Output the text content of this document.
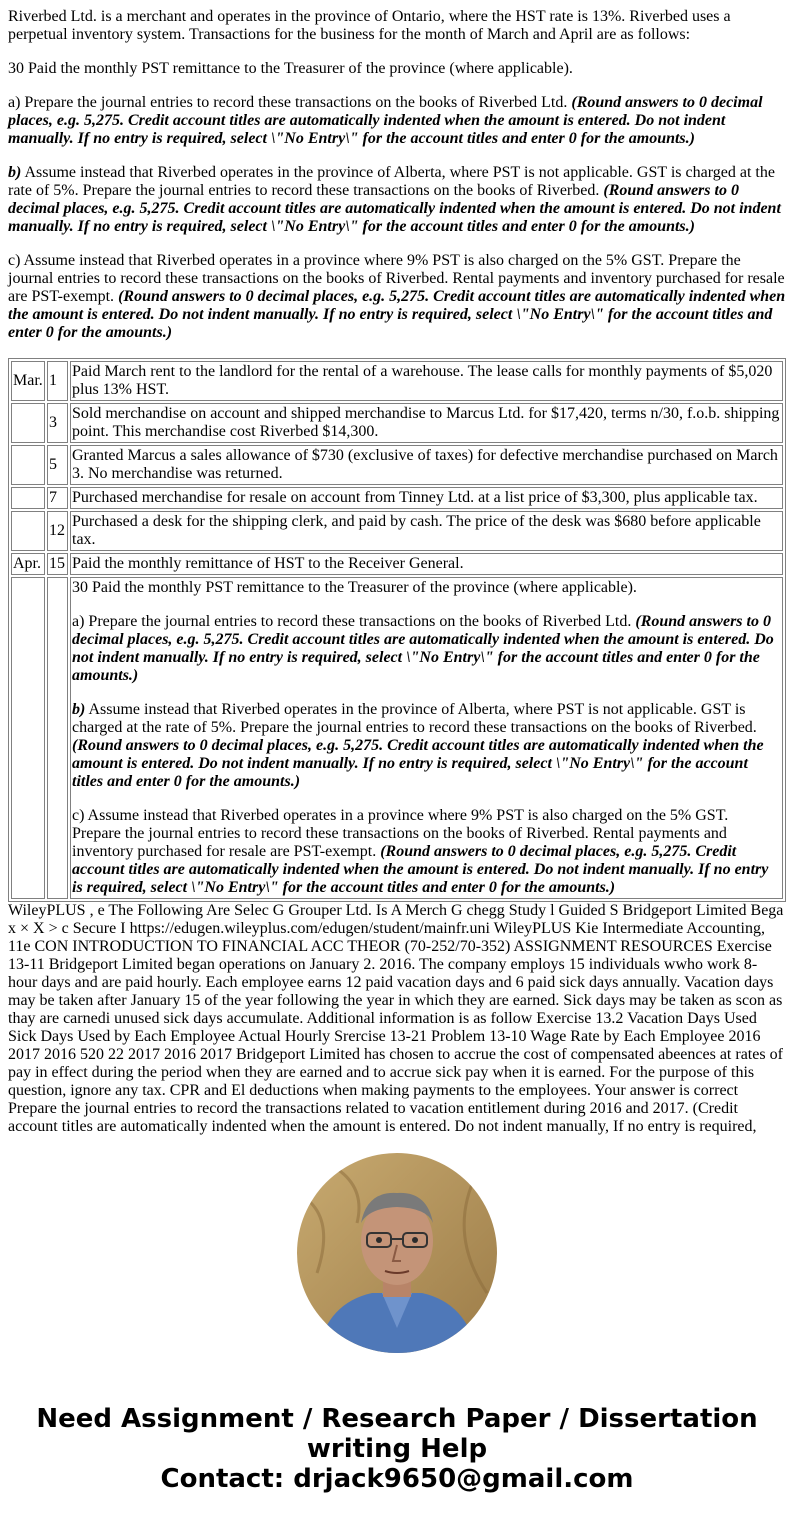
Riverbed Ltd. is a merchant and operates in the province of Ontario, where the HST rate is 13%. Riverbed uses a perpetual inventory system. Transactions for the business for the month of March and April are as follows:

30 Paid the monthly PST remittance to the Treasurer of the province (where applicable).

a) Prepare the journal entries to record these transactions on the books of Riverbed Ltd. (Round answers to 0 decimal places, e.g. 5,275. Credit account titles are automatically indented when the amount is entered. Do not indent manually. If no entry is required, select \"No Entry\" for the account titles and enter 0 for the amounts.)

b) Assume instead that Riverbed operates in the province of Alberta, where PST is not applicable. GST is charged at the rate of 5%. Prepare the journal entries to record these transactions on the books of Riverbed. (Round answers to 0 decimal places, e.g. 5,275. Credit account titles are automatically indented when the amount is entered. Do not indent manually. If no entry is required, select \"No Entry\" for the account titles and enter 0 for the amounts.)

c) Assume instead that Riverbed operates in a province where 9% PST is also charged on the 5% GST. Prepare the journal entries to record these transactions on the books of Riverbed. Rental payments and inventory purchased for resale are PST-exempt. (Round answers to 0 decimal places, e.g. 5,275. Credit account titles are automatically indented when the amount is entered. Do not indent manually. If no entry is required, select \"No Entry\" for the account titles and enter 0 for the amounts.)

Mar.	1	Paid March rent to the landlord for the rental of a warehouse. The lease calls for monthly payments of $5,020 plus 13% HST.
	3	Sold merchandise on account and shipped merchandise to Marcus Ltd. for $17,420, terms n/30, f.o.b. shipping point. This merchandise cost Riverbed $14,300.
	5	Granted Marcus a sales allowance of $730 (exclusive of taxes) for defective merchandise purchased on March 3. No merchandise was returned.
	7	Purchased merchandise for resale on account from Tinney Ltd. at a list price of $3,300, plus applicable tax.
	12	Purchased a desk for the shipping clerk, and paid by cash. The price of the desk was $680 before applicable tax.
Apr.	15	Paid the monthly remittance of HST to the Receiver General.

		30 Paid the monthly PST remittance to the Treasurer of the province (where applicable).

a) Prepare the journal entries to record these transactions on the books of Riverbed Ltd. (Round answers to 0 decimal places, e.g. 5,275. Credit account titles are automatically indented when the amount is entered. Do not indent manually. If no entry is required, select \"No Entry\" for the account titles and enter 0 for the amounts.)

b) Assume instead that Riverbed operates in the province of Alberta, where PST is not applicable. GST is charged at the rate of 5%. Prepare the journal entries to record these transactions on the books of Riverbed. (Round answers to 0 decimal places, e.g. 5,275. Credit account titles are automatically indented when the amount is entered. Do not indent manually. If no entry is required, select \"No Entry\" for the account titles and enter 0 for the amounts.)

c) Assume instead that Riverbed operates in a province where 9% PST is also charged on the 5% GST. Prepare the journal entries to record these transactions on the books of Riverbed. Rental payments and inventory purchased for resale are PST-exempt. (Round answers to 0 decimal places, e.g. 5,275. Credit account titles are automatically indented when the amount is entered. Do not indent manually. If no entry is required, select \"No Entry\" for the account titles and enter 0 for the amounts.)

WileyPLUS , e The Following Are Selec G Grouper Ltd. Is A Merch G chegg Study l Guided S Bridgeport Limited Bega x × X > c Secure I https://edugen.wileyplus.com/edugen/student/mainfr.uni WileyPLUS Kie Intermediate Accounting, 11e CON INTRODUCTION TO FINANCIAL ACC THEOR (70-252/70-352) ASSIGNMENT RESOURCES Exercise 13-11 Bridgeport Limited began operations on January 2. 2016. The company employs 15 individuals wwho work 8-hour days and are paid hourly. Each employee earns 12 paid vacation days and 6 paid sick days annually. Vacation days may be taken after January 15 of the year following the year in which they are earned. Sick days may be taken as scon as thay are carnedi unused sick days accumulate. Additional information is as follow Exercise 13.2 Vacation Days Used Sick Days Used by Each Employee Actual Hourly Srercise 13-21 Problem 13-10 Wage Rate by Each Employee 2016 2017 2016 520 22 2017 2016 2017 Bridgeport Limited has chosen to accrue the cost of compensated abeences at rates of pay in effect during the period when they are earned and to accrue sick pay when it is earned. For the purpose of this question, ignore any tax. CPR and El deductions when making payments to the employees. Your answer is correct Prepare the journal entries to record the transactions related to vacation entitlement during 2016 and 2017. (Credit account titles are automatically indented when the amount is entered. Do not indent manually, If no entry is required,
Need Assignment / Research Paper / Dissertation
writing Help
Contact: drjack9650@gmail.com
